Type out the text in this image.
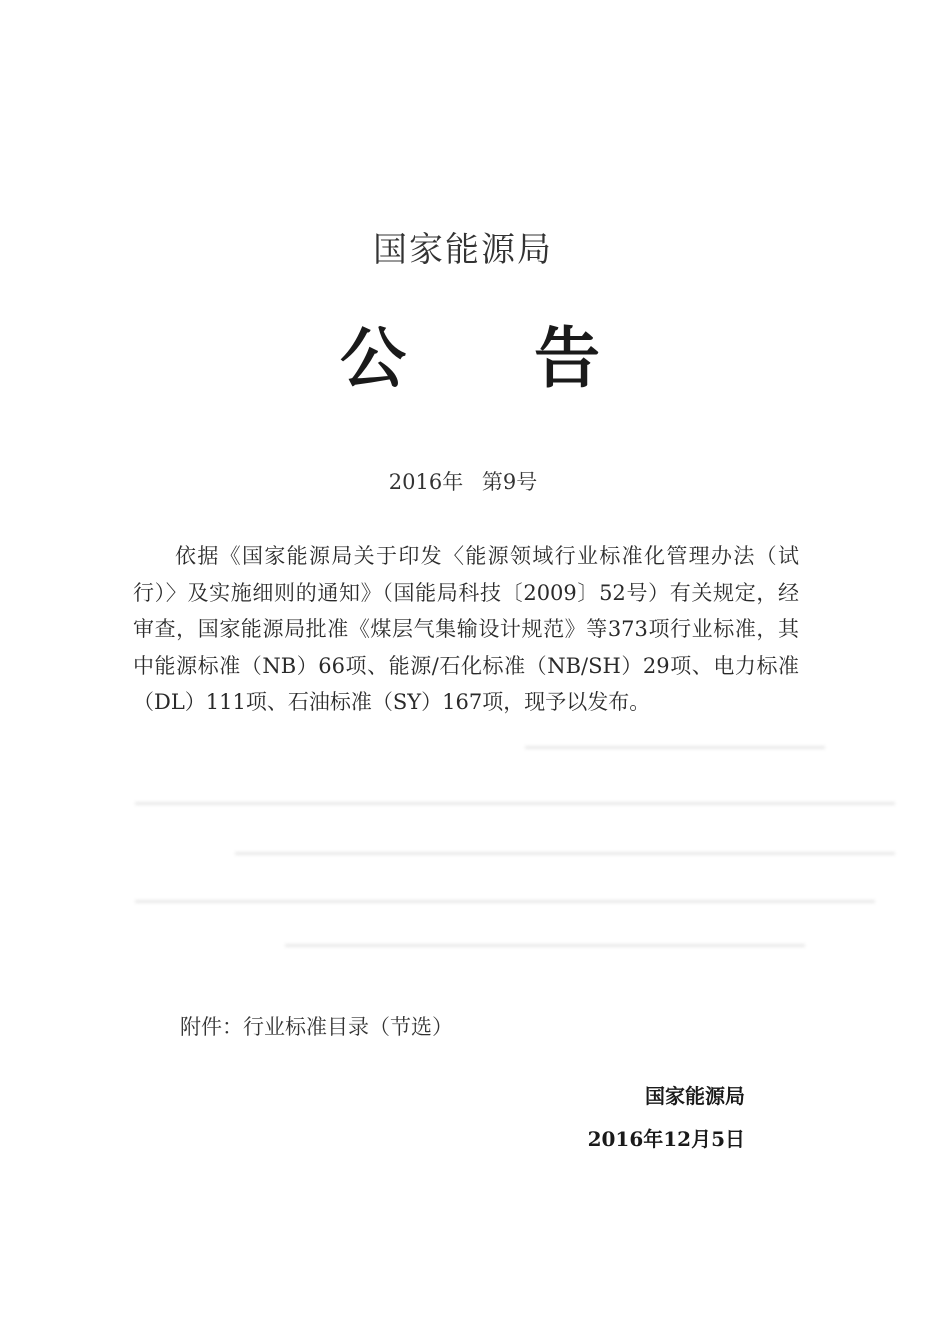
国家能源局
公 告
2016年 第9号

依据《国家能源局关于印发〈能源领域行业标准化管理办法（试行）〉及实施细则的通知》（国能局科技〔2009〕52号）有关规定，经审查，国家能源局批准《煤层气集输设计规范》等373项行业标准，其中能源标准（NB）66项、能源/石化标准（NB/SH）29项、电力标准（DL）111项、石油标准（SY）167项，现予以发布。

附件：行业标准目录（节选）
国家能源局
2016年12月5日
